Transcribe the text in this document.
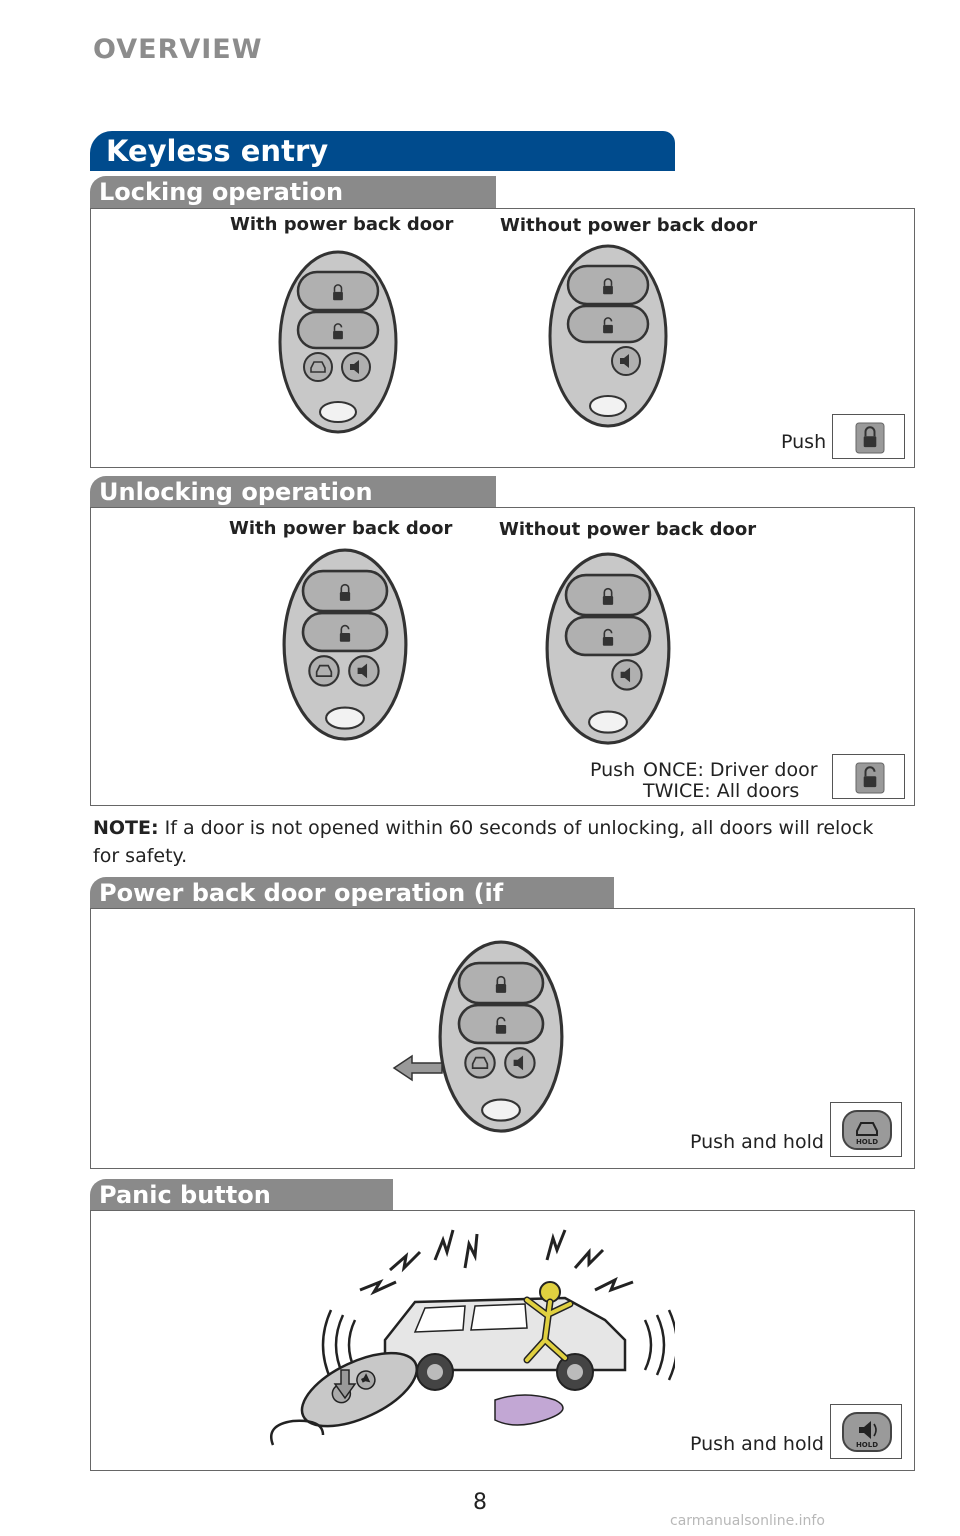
OVERVIEW
Keyless entry
Locking operation
With power back door	Without power back door
Push
Unlocking operation
With power back door	Without power back door
Push ONCE: Driver door
TWICE: All doors
NOTE: If a door is not opened within 60 seconds of unlocking, all doors will relock for safety.
Power back door operation (if
Push and hold	HOLD
Panic button
Push and hold	HOLD
8
carmanualsonline.info
